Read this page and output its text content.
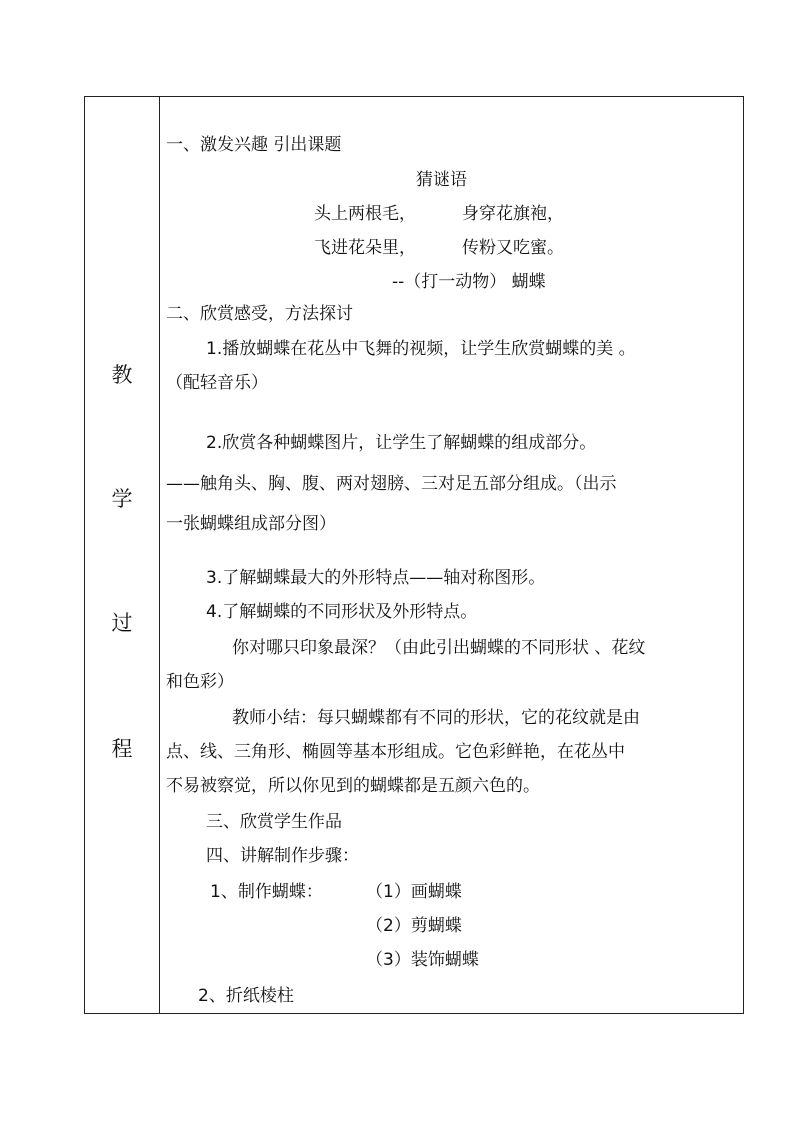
教
学
过
程
一、激发兴趣 引出课题
猜谜语
头上两根毛，	身穿花旗袍，
飞进花朵里，	传粉又吃蜜。
--（打一动物） 蝴蝶
二、欣赏感受，方法探讨
1.播放蝴蝶在花丛中飞舞的视频，让学生欣赏蝴蝶的美 。
（配轻音乐）
2.欣赏各种蝴蝶图片，让学生了解蝴蝶的组成部分。
——触角头、胸、腹、两对翅膀、三对足五部分组成。（出示
一张蝴蝶组成部分图）
3.了解蝴蝶最大的外形特点——轴对称图形。
4.了解蝴蝶的不同形状及外形特点。
你对哪只印象最深？（由此引出蝴蝶的不同形状 、花纹
和色彩）
教师小结：每只蝴蝶都有不同的形状，它的花纹就是由
点、线、三角形、椭圆等基本形组成。它色彩鲜艳，在花丛中
不易被察觉，所以你见到的蝴蝶都是五颜六色的。
三、欣赏学生作品
四、讲解制作步骤：
1、制作蝴蝶：	（1）画蝴蝶
（2）剪蝴蝶
（3）装饰蝴蝶
2、折纸棱柱
